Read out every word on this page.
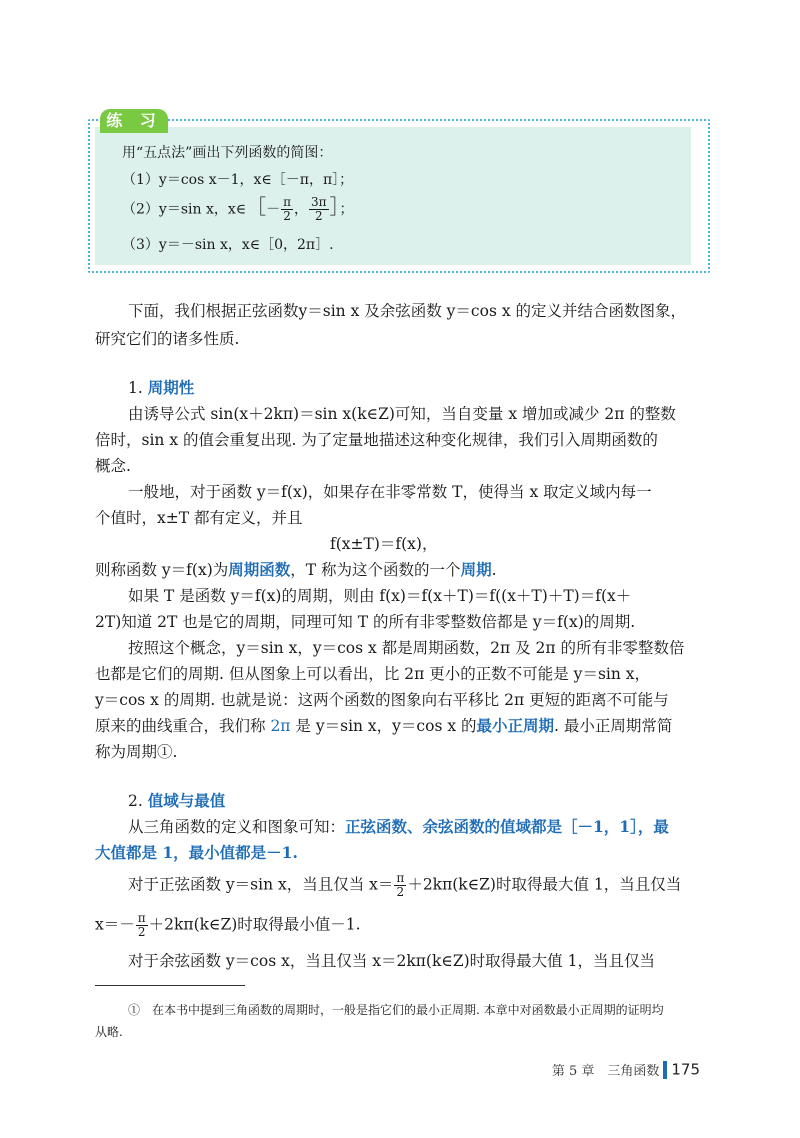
练 习
用“五点法”画出下列函数的简图：
（1）y＝cos x－1，x∈［－π，π］；
（2）y＝sin x，x∈［－ $\frac{\pi}{2}$ ， $\frac{3\pi}{2}$ ］；
（3）y＝－sin x，x∈［0，2π］.
下面，我们根据正弦函数y＝sin x 及余弦函数 y＝cos x 的定义并结合函数图象，
研究它们的诸多性质.
1. 周期性
由诱导公式 sin(x＋2kπ)＝sin x(k∈Z)可知，当自变量 x 增加或减少 2π 的整数
倍时，sin x 的值会重复出现. 为了定量地描述这种变化规律，我们引入周期函数的
概念.
一般地，对于函数 y＝f(x)，如果存在非零常数 T，使得当 x 取定义域内每一
个值时，x±T 都有定义，并且
f(x±T)＝f(x)，
则称函数 y＝f(x)为周期函数，T 称为这个函数的一个周期.
如果 T 是函数 y＝f(x)的周期，则由 f(x)＝f(x＋T)＝f((x＋T)＋T)＝f(x＋
2T)知道 2T 也是它的周期，同理可知 T 的所有非零整数倍都是 y＝f(x)的周期.
按照这个概念，y＝sin x，y＝cos x 都是周期函数，2π 及 2π 的所有非零整数倍
也都是它们的周期. 但从图象上可以看出，比 2π 更小的正数不可能是 y＝sin x，
y＝cos x 的周期. 也就是说：这两个函数的图象向右平移比 2π 更短的距离不可能与
原来的曲线重合，我们称 2π 是 y＝sin x，y＝cos x 的最小正周期. 最小正周期常简
称为周期①.
2. 值域与最值
从三角函数的定义和图象可知：正弦函数、余弦函数的值域都是［－1，1］，最
大值都是 1，最小值都是－1.
对于正弦函数 y＝sin x，当且仅当 $x= \frac{\pi}{2}$ ＋2kπ(k∈Z)时取得最大值 1，当且仅当
$x=- \frac{\pi}{2}$ ＋2kπ(k∈Z)时取得最小值－1.
对于余弦函数 y＝cos x，当且仅当 x＝2kπ(k∈Z)时取得最大值 1，当且仅当
①　 在本书中提到三角函数的周期时，一般是指它们的最小正周期. 本章中对函数最小正周期的证明均
从略.
第 5 章　三角函数 175
